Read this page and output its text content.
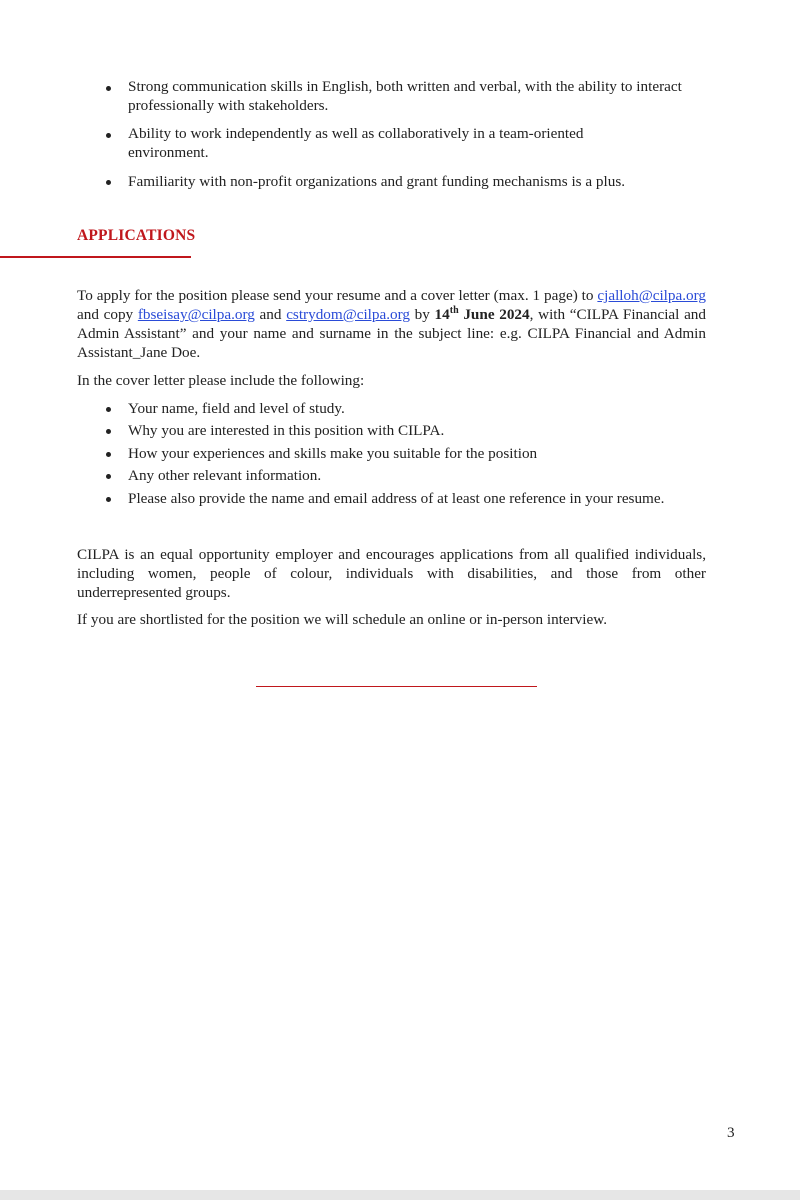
Strong communication skills in English, both written and verbal, with the ability to interact professionally with stakeholders.
Ability to work independently as well as collaboratively in a team-oriented environment.
Familiarity with non-profit organizations and grant funding mechanisms is a plus.
APPLICATIONS
To apply for the position please send your resume and a cover letter (max. 1 page) to cjalloh@cilpa.org and copy fbseisay@cilpa.org and cstrydom@cilpa.org by 14th June 2024, with “CILPA Financial and Admin Assistant” and your name and surname in the subject line: e.g. CILPA Financial and Admin Assistant_Jane Doe.
In the cover letter please include the following:
Your name, field and level of study.
Why you are interested in this position with CILPA.
How your experiences and skills make you suitable for the position
Any other relevant information.
Please also provide the name and email address of at least one reference in your resume.
CILPA is an equal opportunity employer and encourages applications from all qualified individuals, including women, people of colour, individuals with disabilities, and those from other underrepresented groups.
If you are shortlisted for the position we will schedule an online or in-person interview.
3
